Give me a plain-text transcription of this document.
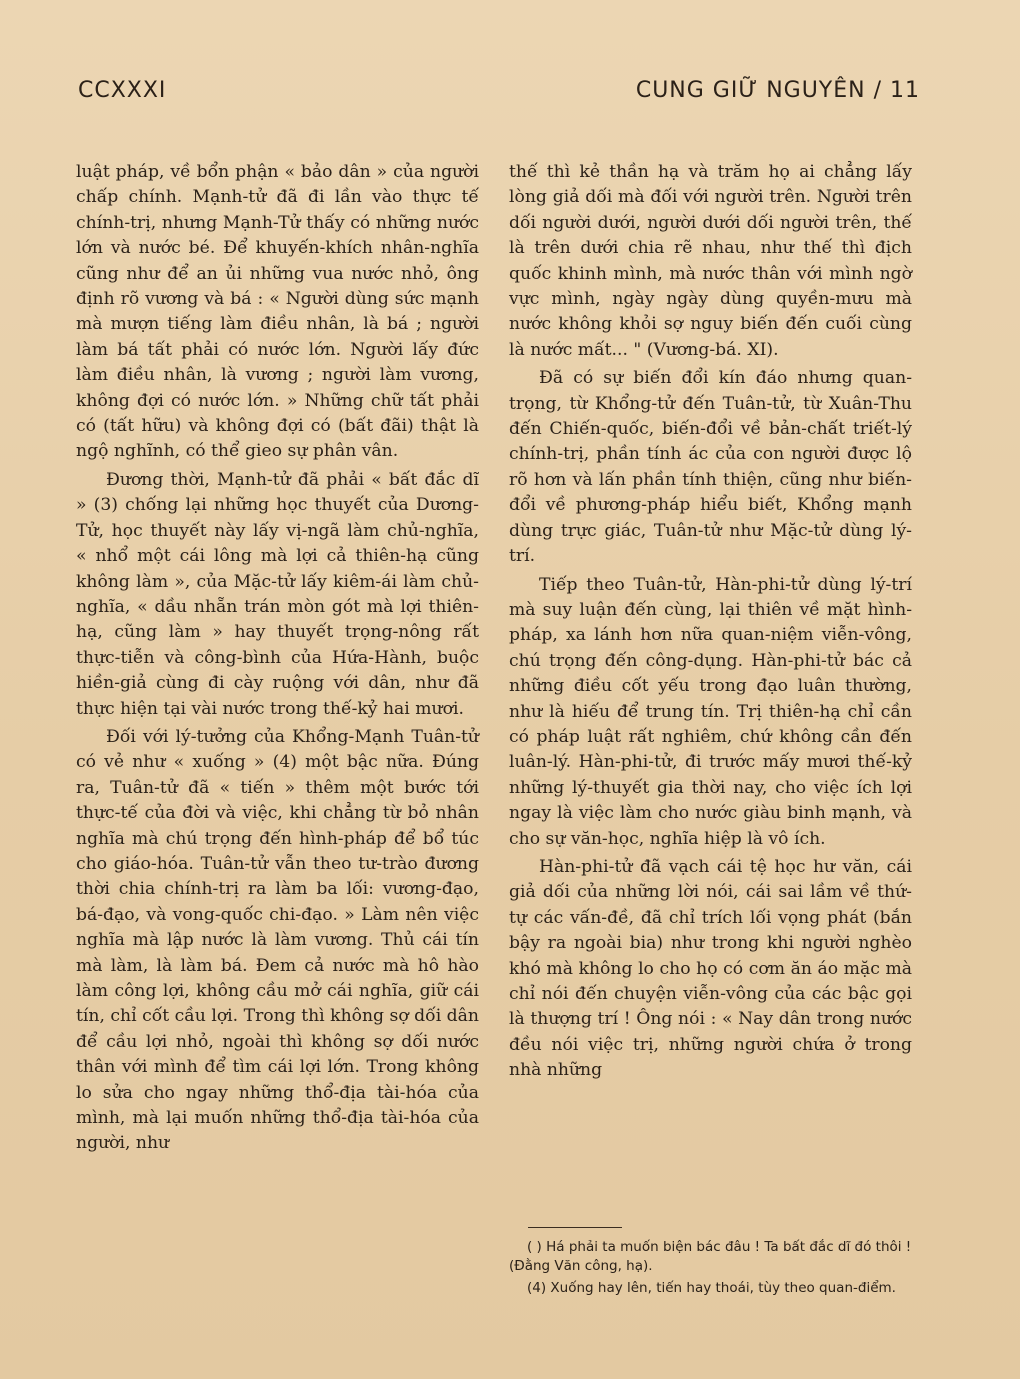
CCXXXI	CUNG GIỮ NGUYÊN / 11

luật pháp, về bổn phận « bảo dân » của người chấp chính. Mạnh-tử đã đi lần vào thực tế chính-trị, nhưng Mạnh-Tử thấy có những nước lớn và nước bé. Để khuyến-khích nhân-nghĩa cũng như để an ủi những vua nước nhỏ, ông định rõ vương và bá : « Người dùng sức mạnh mà mượn tiếng làm điều nhân, là bá ; người làm bá tất phải có nước lớn. Người lấy đức làm điều nhân, là vương ; người làm vương, không đợi có nước lớn. » Những chữ tất phải có (tất hữu) và không đợi có (bất đãi) thật là ngộ nghĩnh, có thể gieo sự phân vân.

Đương thời, Mạnh-tử đã phải « bất đắc dĩ » (3) chống lại những học thuyết của Dương-Tử, học thuyết này lấy vị-ngã làm chủ-nghĩa, « nhổ một cái lông mà lợi cả thiên-hạ cũng không làm », của Mặc-tử lấy kiêm-ái làm chủ-nghĩa, « dầu nhẵn trán mòn gót mà lợi thiên-hạ, cũng làm » hay thuyết trọng-nông rất thực-tiễn và công-bình của Hứa-Hành, buộc hiền-giả cùng đi cày ruộng với dân, như đã thực hiện tại vài nước trong thế-kỷ hai mươi.

Đối với lý-tưởng của Khổng-Mạnh Tuân-tử có vẻ như « xuống » (4) một bậc nữa. Đúng ra, Tuân-tử đã « tiến » thêm một bước tới thực-tế của đời và việc, khi chẳng từ bỏ nhân nghĩa mà chú trọng đến hình-pháp để bổ túc cho giáo-hóa. Tuân-tử vẫn theo tư-trào đương thời chia chính-trị ra làm ba lối: vương-đạo, bá-đạo, và vong-quốc chi-đạo. » Làm nên việc nghĩa mà lập nước là làm vương. Thủ cái tín mà làm, là làm bá. Đem cả nước mà hô hào làm công lợi, không cầu mở cái nghĩa, giữ cái tín, chỉ cốt cầu lợi. Trong thì không sợ dối dân để cầu lợi nhỏ, ngoài thì không sợ dối nước thân với mình để tìm cái lợi lớn. Trong không lo sửa cho ngay những thổ-địa tài-hóa của mình, mà lại muốn những thổ-địa tài-hóa của người, như

thế thì kẻ thần hạ và trăm họ ai chẳng lấy lòng giả dối mà đối với người trên. Người trên dối người dưới, người dưới dối người trên, thế là trên dưới chia rẽ nhau, như thế thì địch quốc khinh mình, mà nước thân với mình ngờ vực mình, ngày ngày dùng quyền-mưu mà nước không khỏi sợ nguy biến đến cuối cùng là nước mất... " (Vương-bá. XI).

Đã có sự biến đổi kín đáo nhưng quan-trọng, từ Khổng-tử đến Tuân-tử, từ Xuân-Thu đến Chiến-quốc, biến-đổi về bản-chất triết-lý chính-trị, phần tính ác của con người được lộ rõ hơn và lấn phần tính thiện, cũng như biến-đổi về phương-pháp hiểu biết, Khổng mạnh dùng trực giác, Tuân-tử như Mặc-tử dùng lý-trí.

Tiếp theo Tuân-tử, Hàn-phi-tử dùng lý-trí mà suy luận đến cùng, lại thiên về mặt hình-pháp, xa lánh hơn nữa quan-niệm viễn-vông, chú trọng đến công-dụng. Hàn-phi-tử bác cả những điều cốt yếu trong đạo luân thường, như là hiếu để trung tín. Trị thiên-hạ chỉ cần có pháp luật rất nghiêm, chứ không cần đến luân-lý. Hàn-phi-tử, đi trước mấy mươi thế-kỷ những lý-thuyết gia thời nay, cho việc ích lợi ngay là việc làm cho nước giàu binh mạnh, và cho sự văn-học, nghĩa hiệp là vô ích.

Hàn-phi-tử đã vạch cái tệ học hư văn, cái giả dối của những lời nói, cái sai lầm về thứ-tự các vấn-đề, đã chỉ trích lối vọng phát (bắn bậy ra ngoài bia) như trong khi người nghèo khó mà không lo cho họ có cơm ăn áo mặc mà chỉ nói đến chuyện viễn-vông của các bậc gọi là thượng trí ! Ông nói : « Nay dân trong nước đều nói việc trị, những người chứa ở trong nhà những

( ) Há phải ta muốn biện bác đâu ! Ta bất đắc dĩ đó thôi ! (Đằng Văn công, hạ).

(4) Xuống hay lên, tiến hay thoái, tùy theo quan-điểm.
